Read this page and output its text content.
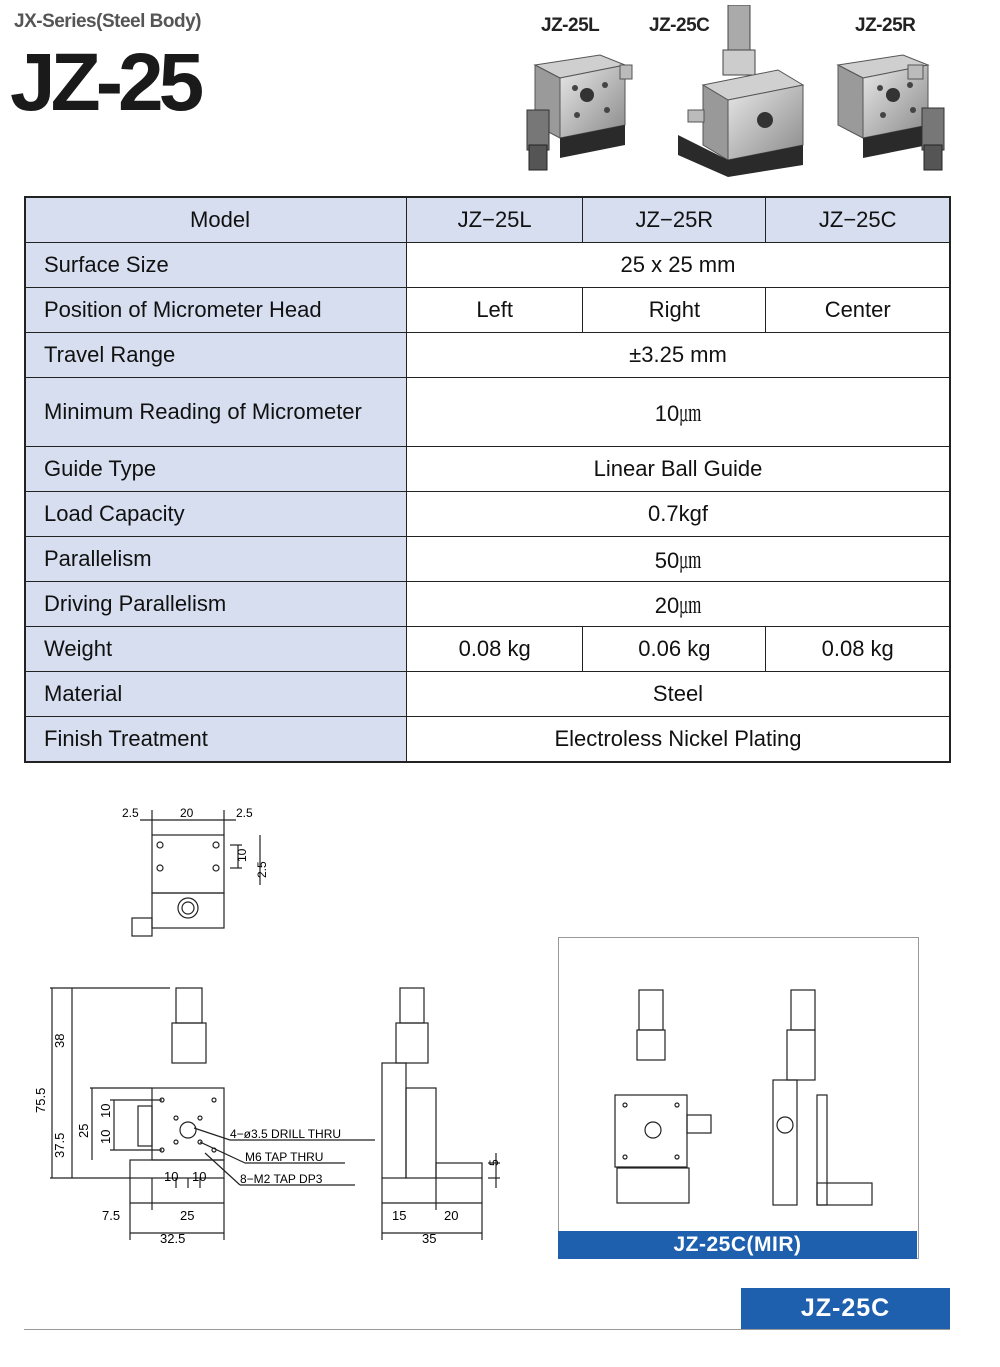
JX-Series(Steel Body)
JZ-25
JZ-25L	JZ-25C	JZ-25R
Model	JZ−25L	JZ−25R	JZ−25C
Surface Size	25 x 25 mm		
Position of Micrometer Head	Left	Right	Center
Travel Range	±3.25 mm		
Minimum Reading of Micrometer	10㎛		
Guide Type	Linear Ball Guide		
Load Capacity	0.7kgf		
Parallelism	50㎛		
Driving Parallelism	20㎛		
Weight	0.08 kg	0.06 kg	0.08 kg
Material	Steel		
Finish Treatment	Electroless Nickel Plating		
2.5	20	2.5
10
2.5
38
75.5
37.5
25
10
10
10 10
7.5	25
32.5
4−ø3.5 DRILL THRU
M6 TAP THRU
8−M2 TAP DP3
15	20
35
5
JZ-25C(MIR)
JZ-25C
